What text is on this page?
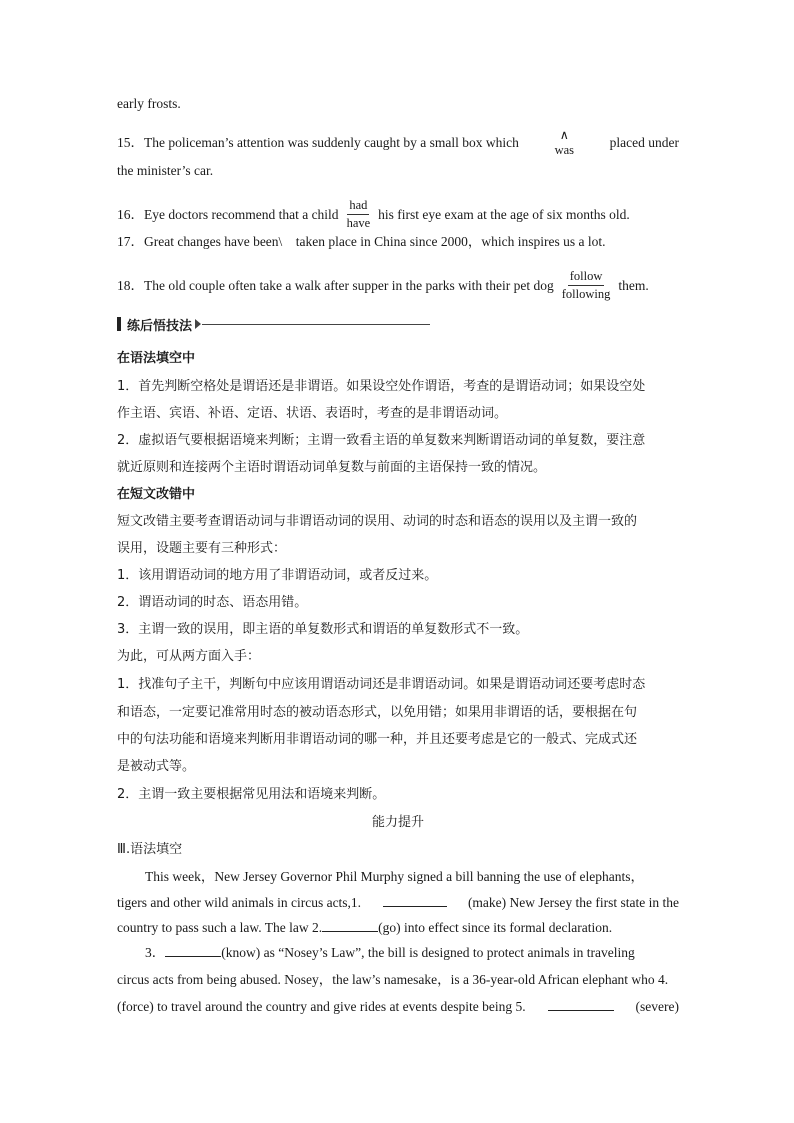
early frosts.
15．The policeman’s attention was suddenly caught by a small box which	∧
was	placed under
the minister’s car.
16．Eye doctors recommend that a child $\frac{\text{had}}{\text{have}}$ his first eye exam at the age of six months old.
17．Great changes have been\    taken place in China since 2000，which inspires us a lot.
18．The old couple often take a walk after supper in the parks with their pet dog $\frac{\text{follow}}{\text{following}}$ them.
练后悟技法
在语法填空中
1．首先判断空格处是谓语还是非谓语。如果设空处作谓语，考查的是谓语动词；如果设空处
作主语、宾语、补语、定语、状语、表语时，考查的是非谓语动词。
2．虚拟语气要根据语境来判断；主谓一致看主语的单复数来判断谓语动词的单复数，要注意
就近原则和连接两个主语时谓语动词单复数与前面的主语保持一致的情况。
在短文改错中
短文改错主要考查谓语动词与非谓语动词的误用、动词的时态和语态的误用以及主谓一致的
误用，设题主要有三种形式：
1．该用谓语动词的地方用了非谓语动词，或者反过来。
2．谓语动词的时态、语态用错。
3．主谓一致的误用，即主语的单复数形式和谓语的单复数形式不一致。
为此，可从两方面入手：
1．找准句子主干，判断句中应该用谓语动词还是非谓语动词。如果是谓语动词还要考虑时态
和语态，一定要记准常用时态的被动语态形式，以免用错；如果用非谓语的话，要根据在句
中的句法功能和语境来判断用非谓语动词的哪一种，并且还要考虑是它的一般式、完成式还
是被动式等。
2．主谓一致主要根据常见用法和语境来判断。
能力提升
Ⅲ.语法填空
This week，New Jersey Governor Phil Murphy signed a bill banning the use of elephants，
tigers and other wild animals in circus acts,1.	(make) New Jersey the first state in the
country to pass such a law. The law 2.	(go) into effect since its formal declaration.
3．	(know) as “Nosey’s Law”, the bill is designed to protect animals in traveling
circus acts from being abused. Nosey，the law’s namesake，is a 36-year-old African elephant who 4.
(force) to travel around the country and give rides at events despite being 5.	(severe)
